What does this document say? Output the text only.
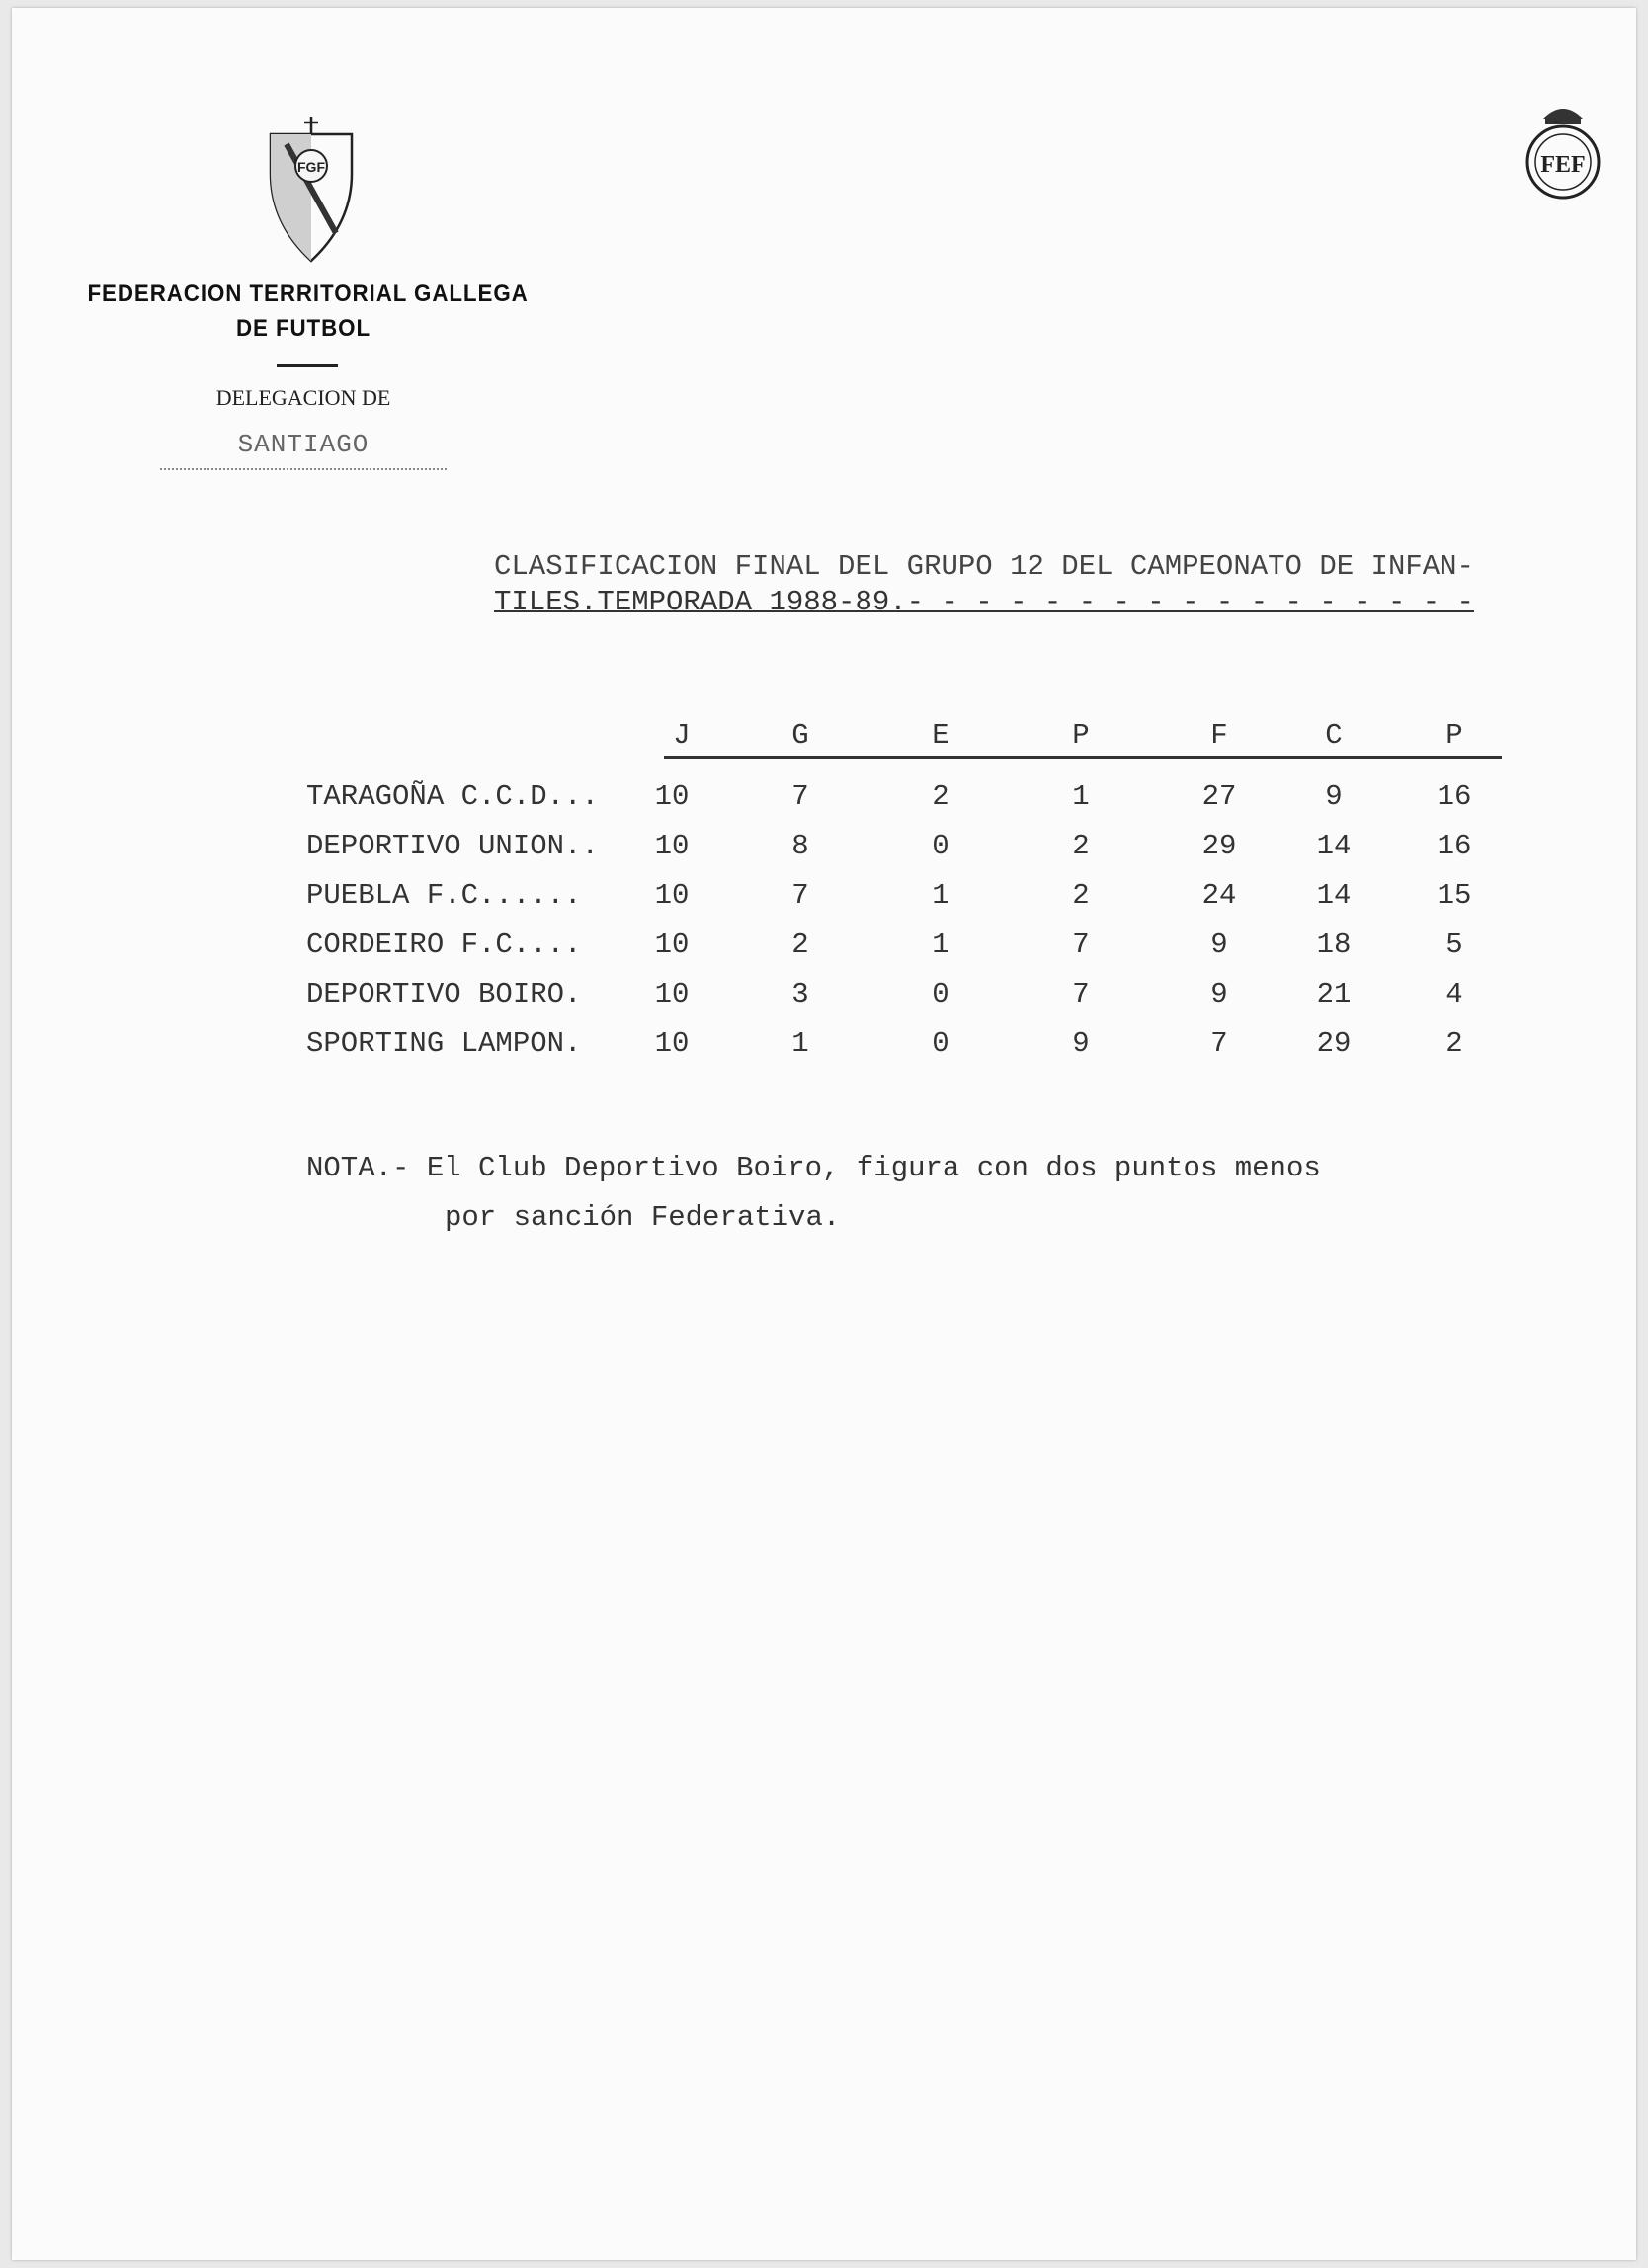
FGF	FEF
FEDERACION TERRITORIAL GALLEGA
DE FUTBOL
DELEGACION DE
SANTIAGO
CLASIFICACION FINAL DEL GRUPO 12 DEL CAMPEONATO DE INFAN-
TILES.TEMPORADA 1988-89.- - - - - - - - - - - - - - - - -
J	G	E	P	F	C	P
TARAGOÑA C.C.D...	10	7	2	1	27	9	16
DEPORTIVO UNION..	10	8	0	2	29	14	16
PUEBLA F.C......	10	7	1	2	24	14	15
CORDEIRO F.C....	10	2	1	7	9	18	5
DEPORTIVO BOIRO.	10	3	0	7	9	21	4
SPORTING LAMPON.	10	1	0	9	7	29	2
NOTA.- El Club Deportivo Boiro, figura con dos puntos menos
por sanción Federativa.
